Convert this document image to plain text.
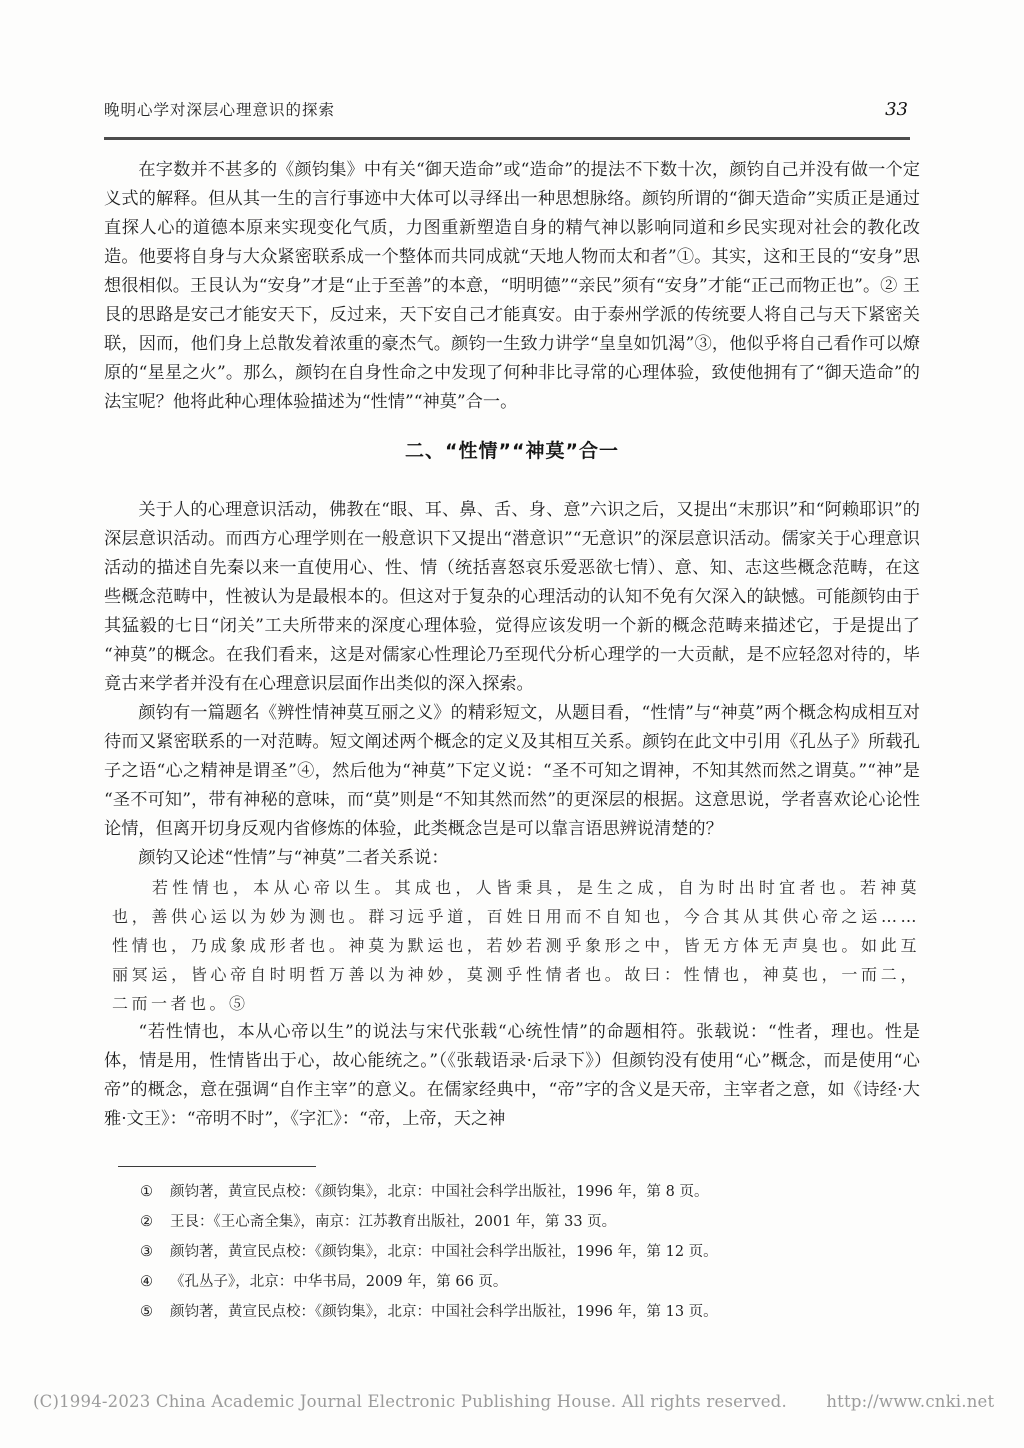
晚明心学对深层心理意识的探索	33

在字数并不甚多的《颜钧集》中有关“御天造命”或“造命”的提法不下数十次，颜钧自己并没有做一个定义式的解释。但从其一生的言行事迹中大体可以寻绎出一种思想脉络。颜钧所谓的“御天造命”实质正是通过直探人心的道德本原来实现变化气质，力图重新塑造自身的精气神以影响同道和乡民实现对社会的教化改造。他要将自身与大众紧密联系成一个整体而共同成就“天地人物而太和者”①。其实，这和王艮的“安身”思想很相似。王艮认为“安身”才是“止于至善”的本意，“明明德”“亲民”须有“安身”才能“正己而物正也”。② 王艮的思路是安己才能安天下，反过来，天下安自己才能真安。由于泰州学派的传统要人将自己与天下紧密关联，因而，他们身上总散发着浓重的豪杰气。颜钧一生致力讲学“皇皇如饥渴”③，他似乎将自己看作可以燎原的“星星之火”。那么，颜钧在自身性命之中发现了何种非比寻常的心理体验，致使他拥有了“御天造命”的法宝呢？他将此种心理体验描述为“性情”“神莫”合一。

二、“性情”“神莫”合一

关于人的心理意识活动，佛教在“眼、耳、鼻、舌、身、意”六识之后，又提出“末那识”和“阿赖耶识”的深层意识活动。而西方心理学则在一般意识下又提出“潜意识”“无意识”的深层意识活动。儒家关于心理意识活动的描述自先秦以来一直使用心、性、情（统括喜怒哀乐爱恶欲七情）、意、知、志这些概念范畴，在这些概念范畴中，性被认为是最根本的。但这对于复杂的心理活动的认知不免有欠深入的缺憾。可能颜钧由于其猛毅的七日“闭关”工夫所带来的深度心理体验，觉得应该发明一个新的概念范畴来描述它，于是提出了“神莫”的概念。在我们看来，这是对儒家心性理论乃至现代分析心理学的一大贡献，是不应轻忽对待的，毕竟古来学者并没有在心理意识层面作出类似的深入探索。

颜钧有一篇题名《辨性情神莫互丽之义》的精彩短文，从题目看，“性情”与“神莫”两个概念构成相互对待而又紧密联系的一对范畴。短文阐述两个概念的定义及其相互关系。颜钧在此文中引用《孔丛子》所载孔子之语“心之精神是谓圣”④，然后他为“神莫”下定义说：“圣不可知之谓神，不知其然而然之谓莫。”“神”是“圣不可知”，带有神秘的意味，而“莫”则是“不知其然而然”的更深层的根据。这意思说，学者喜欢论心论性论情，但离开切身反观内省修炼的体验，此类概念岂是可以靠言语思辨说清楚的？

颜钧又论述“性情”与“神莫”二者关系说：

若性情也，本从心帝以生。其成也，人皆秉具，是生之成，自为时出时宜者也。若神莫也，善供心运以为妙为测也。群习远乎道，百姓日用而不自知也，今合其从其供心帝之运……性情也，乃成象成形者也。神莫为默运也，若妙若测乎象形之中，皆无方体无声臭也。如此互丽冥运，皆心帝自时明哲万善以为神妙，莫测乎性情者也。故曰：性情也，神莫也，一而二，二而一者也。⑤

“若性情也，本从心帝以生”的说法与宋代张载“心统性情”的命题相符。张载说：“性者，理也。性是体，情是用，性情皆出于心，故心能统之。”（《张载语录·后录下》）但颜钧没有使用“心”概念，而是使用“心帝”的概念，意在强调“自作主宰”的意义。在儒家经典中，“帝”字的含义是天帝，主宰者之意，如《诗经·大雅·文王》：“帝明不时”，《字汇》：“帝，上帝，天之神

①	颜钧著，黄宣民点校：《颜钧集》，北京：中国社会科学出版社，1996 年，第 8 页。
②	王艮：《王心斋全集》，南京：江苏教育出版社，2001 年，第 33 页。
③	颜钧著，黄宣民点校：《颜钧集》，北京：中国社会科学出版社，1996 年，第 12 页。
④	《孔丛子》，北京：中华书局，2009 年，第 66 页。
⑤	颜钧著，黄宣民点校：《颜钧集》，北京：中国社会科学出版社，1996 年，第 13 页。
(C)1994-2023 China Academic Journal Electronic Publishing House. All rights reserved. http://www.cnki.net
